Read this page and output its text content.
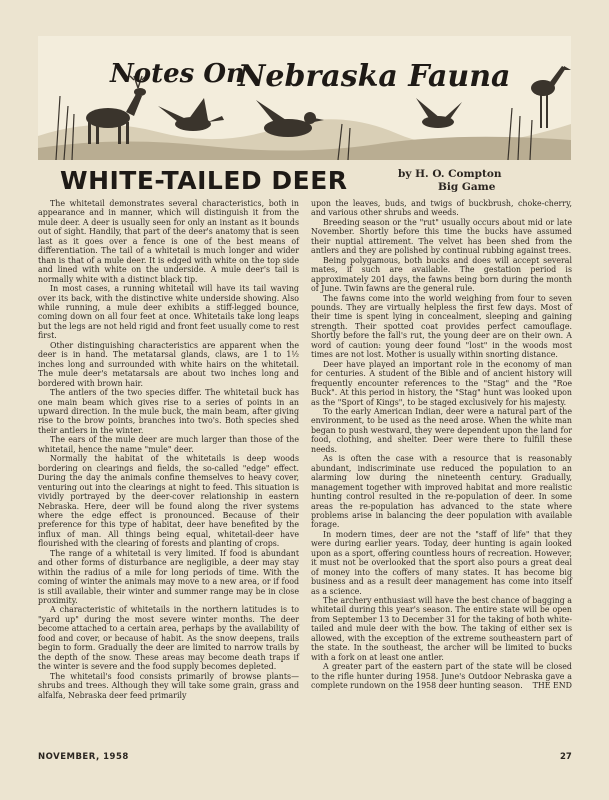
Notes On
Nebraska Fauna
WHITE-TAILED DEER	by H. O. Compton
Big Game

The whitetail demonstrates several characteristics, both in appearance and in manner, which will distinguish it from the mule deer. A deer is usually seen for only an instant as it bounds out of sight. Handily, that part of the deer's anatomy that is seen last as it goes over a fence is one of the best means of differentiation. The tail of a whitetail is much longer and wider than is that of a mule deer. It is edged with white on the top side and lined with white on the underside. A mule deer's tail is normally white with a distinct black tip.

In most cases, a running whitetail will have its tail waving over its back, with the distinctive white underside showing. Also while running, a mule deer exhibits a stiff-legged bounce, coming down on all four feet at once. Whitetails take long leaps but the legs are not held rigid and front feet usually come to rest first.

Other distinguishing characteristics are apparent when the deer is in hand. The metatarsal glands, claws, are 1 to 1½ inches long and surrounded with white hairs on the whitetail. The mule deer's metatarsals are about two inches long and bordered with brown hair.

The antlers of the two species differ. The whitetail buck has one main beam which gives rise to a series of points in an upward direction. In the mule buck, the main beam, after giving rise to the brow points, branches into two's. Both species shed their antlers in the winter.

The ears of the mule deer are much larger than those of the whitetail, hence the name "mule" deer.

Normally the habitat of the whitetails is deep woods bordering on clearings and fields, the so-called "edge" effect. During the day the animals confine themselves to heavy cover, venturing out into the clearings at night to feed. This situation is vividly portrayed by the deer-cover relationship in eastern Nebraska. Here, deer will be found along the river systems where the edge effect is pronounced. Because of their preference for this type of habitat, deer have benefited by the influx of man. All things being equal, whitetail-deer have flourished with the clearing of forests and planting of crops.

The range of a whitetail is very limited. If food is abundant and other forms of disturbance are negligible, a deer may stay within the radius of a mile for long periods of time. With the coming of winter the animals may move to a new area, or if food is still available, their winter and summer range may be in close proximity.

A characteristic of whitetails in the northern latitudes is to "yard up" during the most severe winter months. The deer become attached to a certain area, perhaps by the availability of food and cover, or because of habit. As the snow deepens, trails begin to form. Gradually the deer are limited to narrow trails by the depth of the snow. These areas may become death traps if the winter is severe and the food supply becomes depleted.

The whitetail's food consists primarily of browse plants—shrubs and trees. Although they will take some grain, grass and alfalfa, Nebraska deer feed primarily

upon the leaves, buds, and twigs of buckbrush, choke-cherry, and various other shrubs and weeds.

Breeding season or the "rut" usually occurs about mid or late November. Shortly before this time the bucks have assumed their nuptial attirement. The velvet has been shed from the antlers and they are polished by continual rubbing against trees.

Being polygamous, both bucks and does will accept several mates, if such are available. The gestation period is approximately 201 days, the fawns being born during the month of June. Twin fawns are the general rule.

The fawns come into the world weighing from four to seven pounds. They are virtually helpless the first few days. Most of their time is spent lying in concealment, sleeping and gaining strength. Their spotted coat provides perfect camouflage. Shortly before the fall's rut, the young deer are on their own. A word of caution: young deer found "lost" in the woods most times are not lost. Mother is usually within snorting distance.

Deer have played an important role in the economy of man for centuries. A student of the Bible and of ancient history will frequently encounter references to the "Stag" and the "Roe Buck". At this period in history, the "Stag" hunt was looked upon as the "Sport of Kings", to be staged exclusively for his majesty.

To the early American Indian, deer were a natural part of the environment, to be used as the need arose. When the white man began to push westward, they were dependent upon the land for food, clothing, and shelter. Deer were there to fulfill these needs.

As is often the case with a resource that is reasonably abundant, indiscriminate use reduced the population to an alarming low during the nineteenth century. Gradually, management together with improved habitat and more realistic hunting control resulted in the re-population of deer. In some areas the re-population has advanced to the state where problems arise in balancing the deer population with available forage.

In modern times, deer are not the "staff of life" that they were during earlier years. Today, deer hunting is again looked upon as a sport, offering countless hours of recreation. However, it must not be overlooked that the sport also pours a great deal of money into the coffers of many states. It has become big business and as a result deer management has come into itself as a science.

The archery enthusiast will have the best chance of bagging a whitetail during this year's season. The entire state will be open from September 13 to December 31 for the taking of both white-tailed and mule deer with the bow. The taking of either sex is allowed, with the exception of the extreme southeastern part of the state. In the southeast, the archer will be limited to bucks with a fork on at least one antler.

A greater part of the eastern part of the state will be closed to the rifle hunter during 1958. June's Outdoor Nebraska gave a complete rundown on the 1958 deer hunting season.	THE END

NOVEMBER, 1958	27
